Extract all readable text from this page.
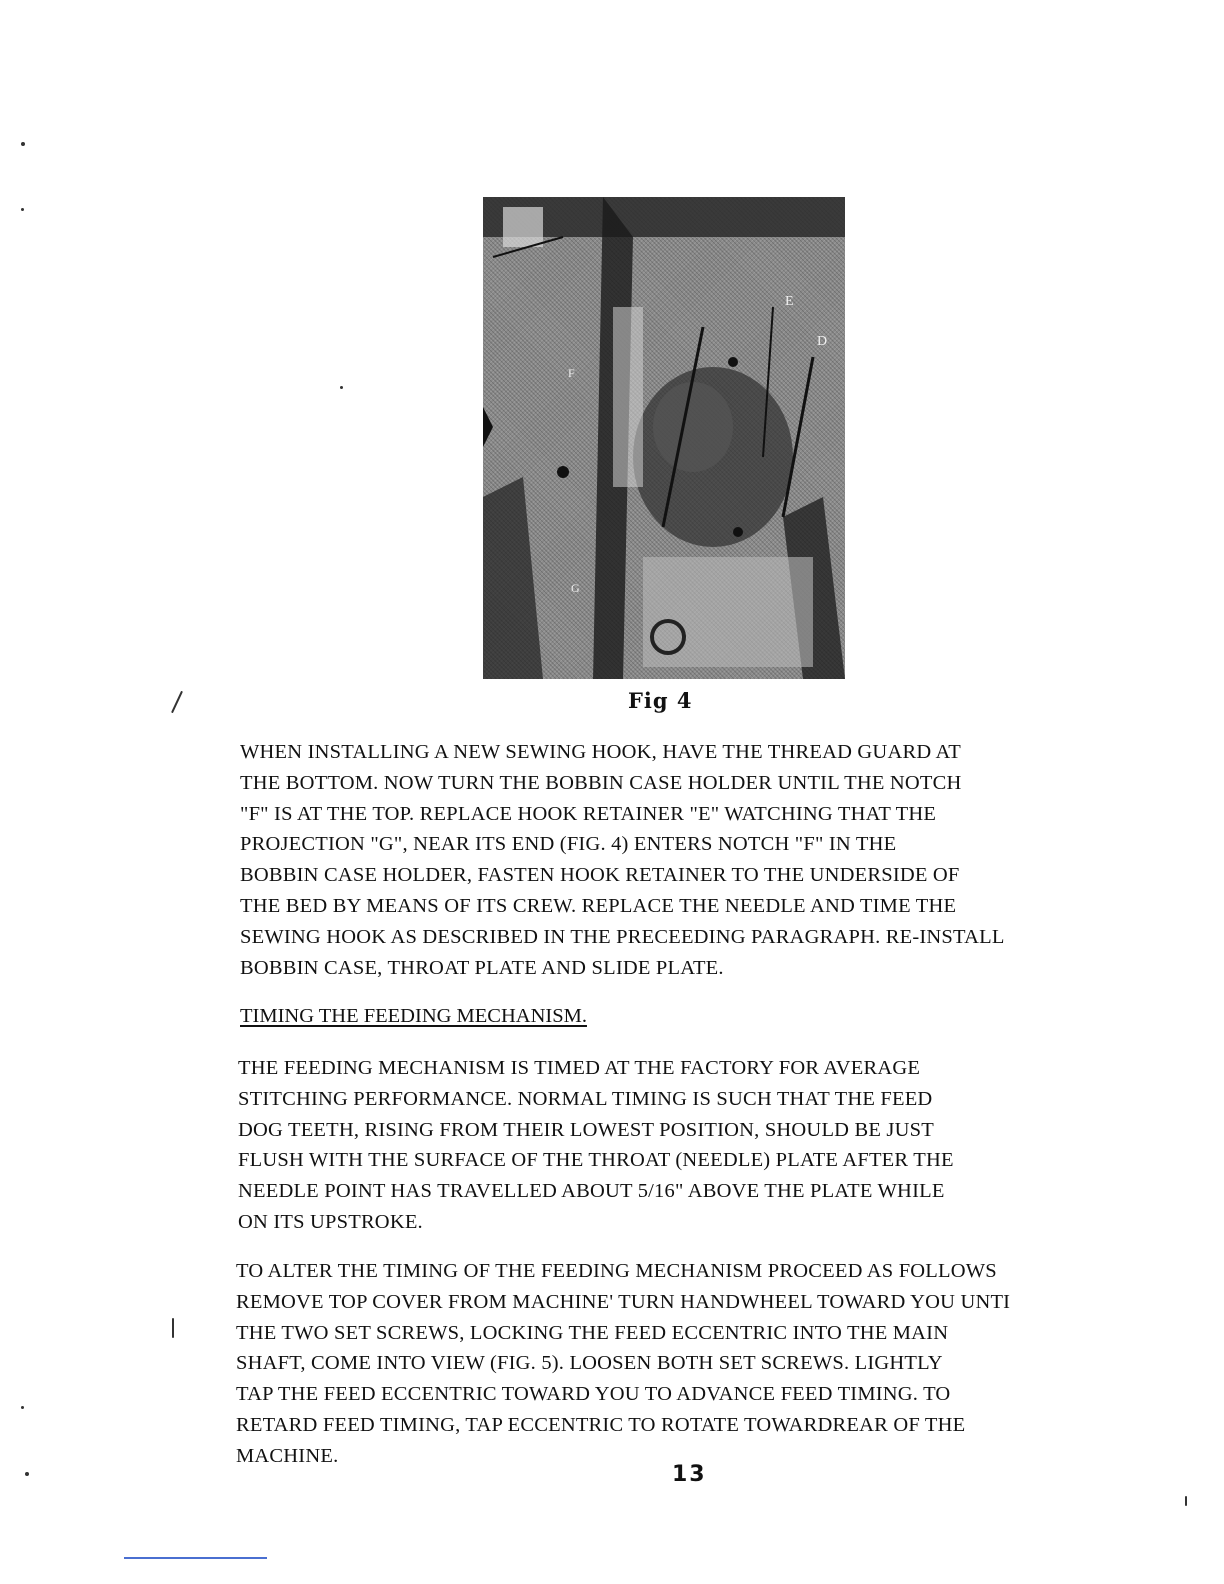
E
D
F
G
Fig 4
WHEN INSTALLING A NEW SEWING HOOK, HAVE THE THREAD GUARD AT
THE BOTTOM. NOW TURN THE BOBBIN CASE HOLDER UNTIL THE NOTCH
"F" IS AT THE TOP. REPLACE HOOK RETAINER "E" WATCHING THAT THE
PROJECTION "G", NEAR ITS END (FIG. 4) ENTERS NOTCH "F" IN THE
BOBBIN CASE HOLDER, FASTEN HOOK RETAINER TO THE UNDERSIDE OF
THE BED BY MEANS OF ITS CREW. REPLACE THE NEEDLE AND TIME THE
SEWING HOOK AS DESCRIBED IN THE PRECEEDING PARAGRAPH. RE-INSTALL
BOBBIN CASE, THROAT PLATE AND SLIDE PLATE.
TIMING THE FEEDING MECHANISM.
THE FEEDING MECHANISM IS TIMED AT THE FACTORY FOR AVERAGE
STITCHING PERFORMANCE. NORMAL TIMING IS SUCH THAT THE FEED
DOG TEETH, RISING FROM THEIR LOWEST POSITION, SHOULD BE JUST
FLUSH WITH THE SURFACE OF THE THROAT (NEEDLE) PLATE AFTER THE
NEEDLE POINT HAS TRAVELLED ABOUT 5/16" ABOVE THE PLATE WHILE
ON ITS UPSTROKE.
TO ALTER THE TIMING OF THE FEEDING MECHANISM PROCEED AS FOLLOWS
REMOVE TOP COVER FROM MACHINE' TURN HANDWHEEL TOWARD YOU UNTI
THE TWO SET SCREWS, LOCKING THE FEED ECCENTRIC INTO THE MAIN
SHAFT, COME INTO VIEW (FIG. 5). LOOSEN BOTH SET SCREWS. LIGHTLY
TAP THE FEED ECCENTRIC TOWARD YOU TO ADVANCE FEED TIMING. TO
RETARD FEED TIMING, TAP ECCENTRIC TO ROTATE TOWARDREAR OF THE
MACHINE.
13
